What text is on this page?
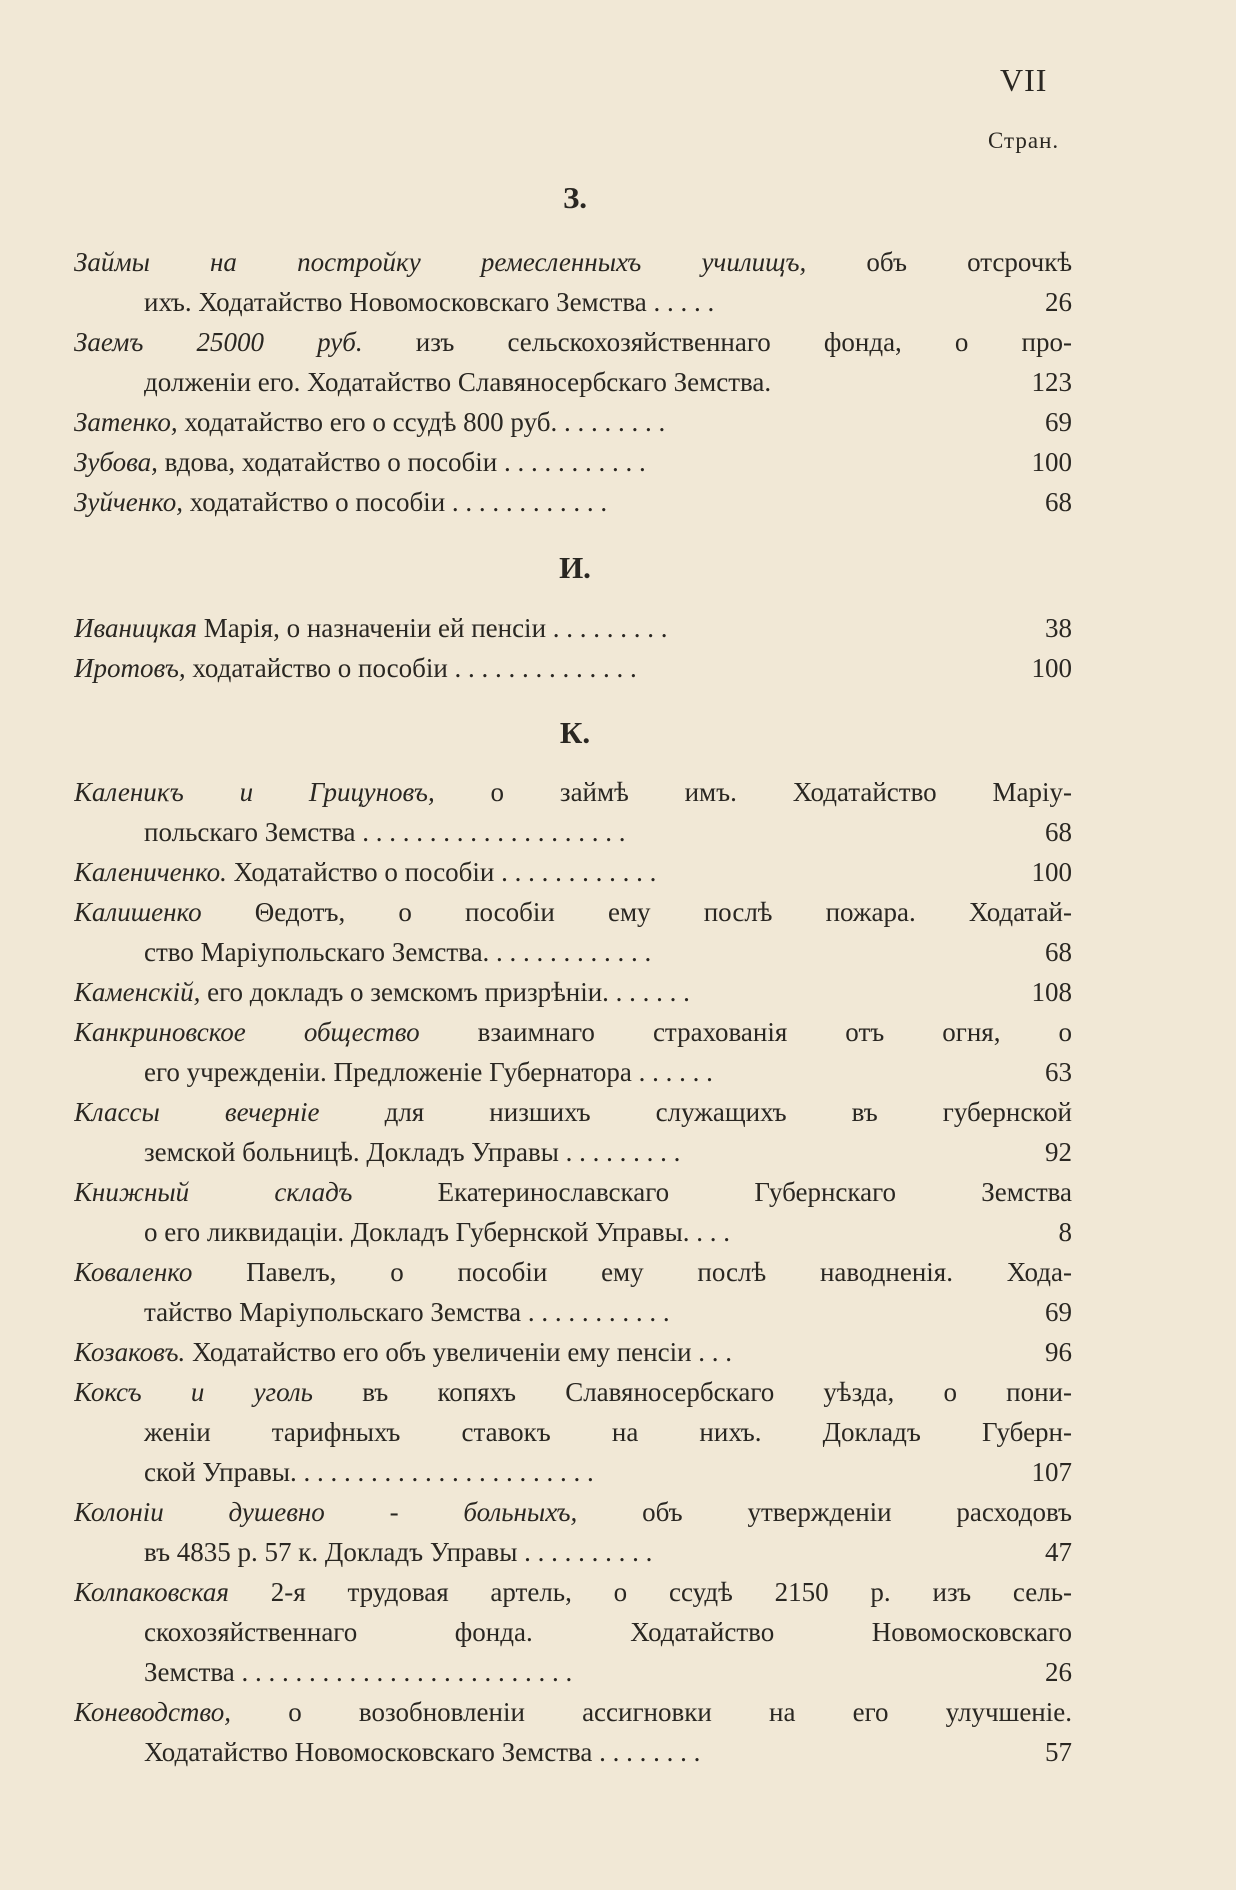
VII
Стран.
З.
Займы на постройку ремесленныхъ училищъ, объ отсрочкѣ
ихъ. Ходатайство Новомосковскаго Земства . . . . .	26
Заемъ 25000 руб. изъ сельскохозяйственнаго фонда, о про-
долженіи его. Ходатайство Славяносербскаго Земства.	123
Затенко, ходатайство его о ссудѣ 800 руб. . . . . . . . .	69
Зубова, вдова, ходатайство о пособіи . . . . . . . . . . .	100
Зуйченко, ходатайство о пособіи . . . . . . . . . . . .	68
И.
Иваницкая Марія, о назначеніи ей пенсіи . . . . . . . . .	38
Иротовъ, ходатайство о пособіи . . . . . . . . . . . . . .	100
К.
Калениκъ и Грицуновъ, о займѣ имъ. Ходатайство Маріу-
польскаго Земства . . . . . . . . . . . . . . . . . . . .	68
Калениченко. Ходатайство о пособіи . . . . . . . . . . . .	100
Калишенко Θедотъ, о пособіи ему послѣ пожара. Ходатай-
ство Маріупольскаго Земства. . . . . . . . . . . . .	68
Каменскій, его докладъ о земскомъ призрѣніи. . . . . . .	108
Канкриновское общество взаимнаго страхованія отъ огня, о
его учрежденіи. Предложеніе Губернатора . . . . . .	63
Классы вечерніе для низшихъ служащихъ въ губернской
земской больницѣ. Докладъ Управы . . . . . . . . .	92
Книжный складъ Екатеринославскаго Губернскаго Земства
о его ликвидаціи. Докладъ Губернской Управы. . . .	8
Коваленко Павелъ, о пособіи ему послѣ наводненія. Хода-
тайство Маріупольскаго Земства . . . . . . . . . . .	69
Козаковъ. Ходатайство его объ увеличеніи ему пенсіи . . .	96
Коксъ и уголь въ копяхъ Славяносербскаго уѣзда, о пони-
женіи тарифныхъ ставокъ на нихъ. Докладъ Губерн-
ской Управы. . . . . . . . . . . . . . . . . . . . . . .	107
Колоніи душевно - больныхъ, объ утвержденіи расходовъ
въ 4835 р. 57 к. Докладъ Управы . . . . . . . . . .	47
Колпаковская 2-я трудовая артель, о ссудѣ 2150 р. изъ сель-
скохозяйственнаго фонда. Ходатайство Новомосковскаго
Земства . . . . . . . . . . . . . . . . . . . . . . . . .	26
Коневодство, о возобновленіи ассигновки на его улучшеніе.
Ходатайство Новомосковскаго Земства . . . . . . . .	57
